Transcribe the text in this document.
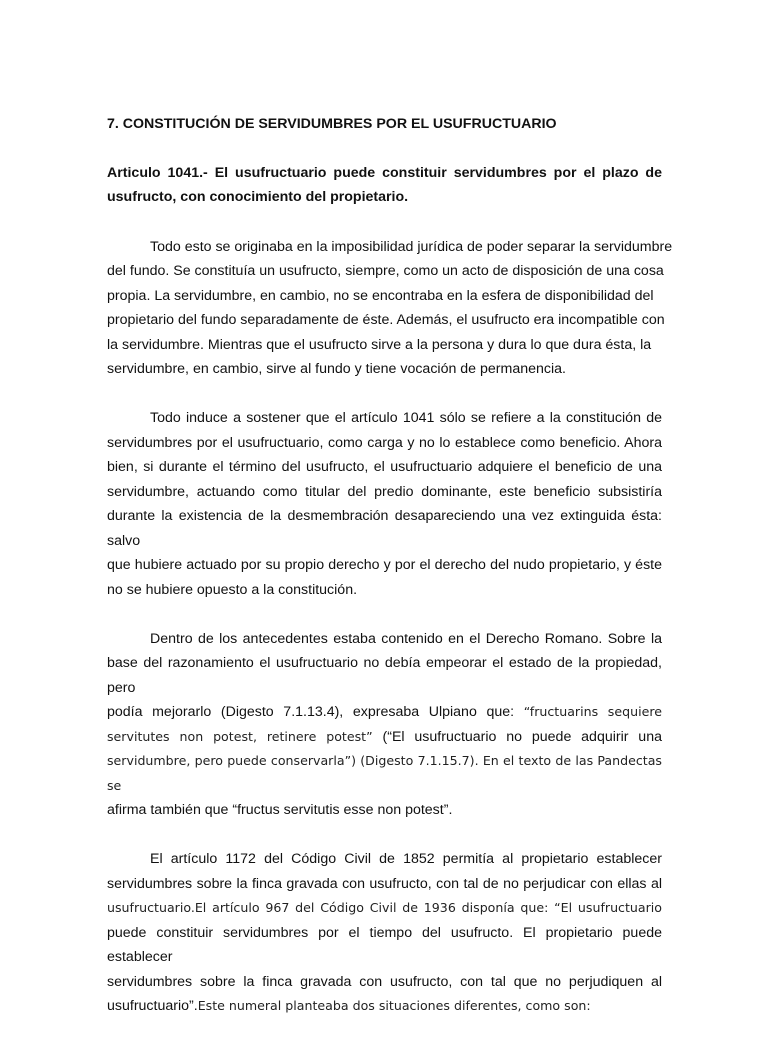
7. CONSTITUCIÓN DE SERVIDUMBRES POR EL USUFRUCTUARIO
Articulo 1041.- El usufructuario puede constituir servidumbres por el plazo de
usufructo, con conocimiento del propietario.
Todo esto se originaba en la imposibilidad jurídica de poder separar la servidumbre
del fundo. Se constituía un usufructo, siempre, como un acto de disposición de una cosa
propia. La servidumbre, en cambio, no se encontraba en la esfera de disponibilidad del
propietario del fundo separadamente de éste. Además, el usufructo era incompatible con
la servidumbre. Mientras que el usufructo sirve a la persona y dura lo que dura ésta, la
servidumbre, en cambio, sirve al fundo y tiene vocación de permanencia.
Todo induce a sostener que el artículo 1041 sólo se refiere a la constitución de
servidumbres por el usufructuario, como carga y no lo establece como beneficio. Ahora
bien, si durante el término del usufructo, el usufructuario adquiere el beneficio de una
servidumbre, actuando como titular del predio dominante, este beneficio subsistiría
durante la existencia de la desmembración desapareciendo una vez extinguida ésta: salvo
que hubiere actuado por su propio derecho y por el derecho del nudo propietario, y éste
no se hubiere opuesto a la constitución.
Dentro de los antecedentes estaba contenido en el Derecho Romano. Sobre la
base del razonamiento el usufructuario no debía empeorar el estado de la propiedad, pero
podía mejorarlo (Digesto 7.1.13.4), expresaba Ulpiano que: “fructuarins sequiere
servitutes non potest, retinere potest” (“El usufructuario no puede adquirir una
servidumbre, pero puede conservarla”) (Digesto 7.1.15.7). En el texto de las Pandectas se
afirma también que “fructus servitutis esse non potest”.
El artículo 1172 del Código Civil de 1852 permitía al propietario establecer
servidumbres sobre la finca gravada con usufructo, con tal de no perjudicar con ellas al
usufructuario.El artículo 967 del Código Civil de 1936 disponía que: “El usufructuario
puede constituir servidumbres por el tiempo del usufructo. El propietario puede establecer
servidumbres sobre la finca gravada con usufructo, con tal que no perjudiquen al
usufructuario”.Este numeral planteaba dos situaciones diferentes, como son:
